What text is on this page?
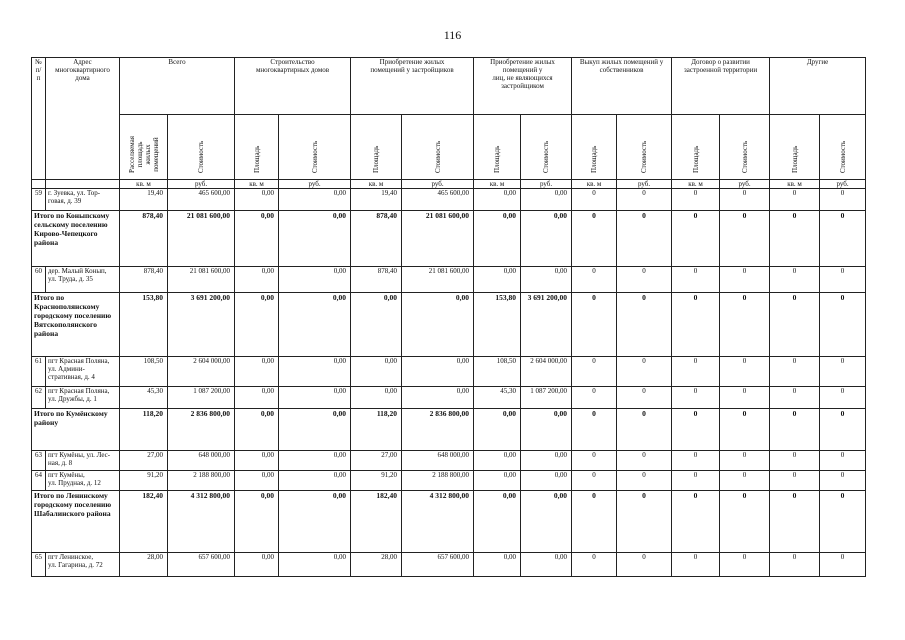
116
№
п/п	Адрес
многоквартирного
дома	Всего		Строительство
многоквартирных домов		Приобретение жилых
помещений у застройщиков		Приобретение жилых
помещений у
лиц, не являющихся
застройщиком		Выкуп жилых помещений у
собственников		Договор о развитии
застроенной территории		Другие	

		Расселяемая
площадь
жилых
помещений	Стоимость	Площадь	Стоимость	Площадь	Стоимость	Площадь	Стоимость	Площадь	Стоимость	Площадь	Стоимость	Площадь	Стоимость

		кв. м	руб.	кв. м	руб.	кв. м	руб.	кв. м	руб.	кв. м	руб.	кв. м	руб.	кв. м	руб.
59	г. Зуевка, ул. Тор-
говая, д. 39	19,40	465 600,00	0,00	0,00	19,40	465 600,00	0,00	0,00	0	0	0	0	0	0
Итого по Коныпскому
сельскому поселению
Кирово-Чепецкого
района		878,40	21 081 600,00	0,00	0,00	878,40	21 081 600,00	0,00	0,00	0	0	0	0	0	0
60	дер. Малый Конып,
ул. Труда, д. 35	878,40	21 081 600,00	0,00	0,00	878,40	21 081 600,00	0,00	0,00	0	0	0	0	0	0
Итого по
Краснополянскому
городскому поселению
Вятскополянского
района		153,80	3 691 200,00	0,00	0,00	0,00	0,00	153,80	3 691 200,00	0	0	0	0	0	0
61	пгт Красная Поляна,
ул. Админи-
стративная, д. 4	108,50	2 604 000,00	0,00	0,00	0,00	0,00	108,50	2 604 000,00	0	0	0	0	0	0
62	пгт Красная Поляна,
ул. Дружбы, д. 1	45,30	1 087 200,00	0,00	0,00	0,00	0,00	45,30	1 087 200,00	0	0	0	0	0	0
Итого по Кумёнскому
району		118,20	2 836 800,00	0,00	0,00	118,20	2 836 800,00	0,00	0,00	0	0	0	0	0	0
63	пгт Кумёны, ул. Лес-
ная, д. 8	27,00	648 000,00	0,00	0,00	27,00	648 000,00	0,00	0,00	0	0	0	0	0	0
64	пгт Кумёны,
ул. Прудная, д. 12	91,20	2 188 800,00	0,00	0,00	91,20	2 188 800,00	0,00	0,00	0	0	0	0	0	0
Итого по Ленинскому
городскому поселению
Шабалинского района		182,40	4 312 800,00	0,00	0,00	182,40	4 312 800,00	0,00	0,00	0	0	0	0	0	0
65	пгт Ленинское,
ул. Гагарина, д. 72	28,00	657 600,00	0,00	0,00	28,00	657 600,00	0,00	0,00	0	0	0	0	0	0
